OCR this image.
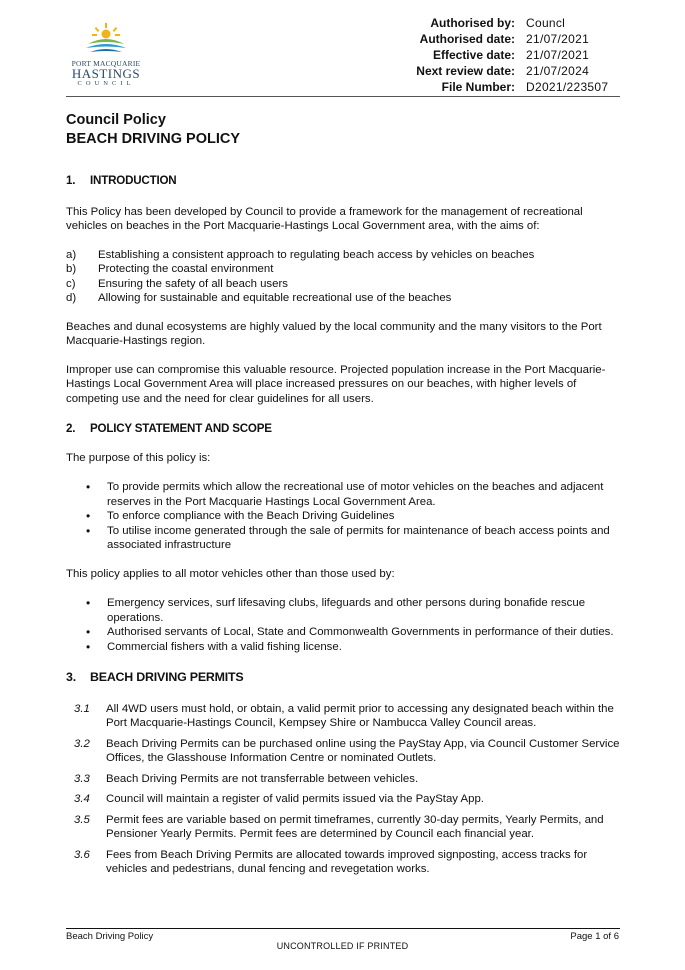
PORT MACQUARIE
HASTINGS
COUNCIL
Authorised by: Councl
Authorised date: 21/07/2021
Effective date: 21/07/2021
Next review date: 21/07/2024
File Number: D2021/223507
Council Policy
BEACH DRIVING POLICY
1. INTRODUCTION

This Policy has been developed by Council to provide a framework for the management of recreational vehicles on beaches in the Port Macquarie-Hastings Local Government area, with the aims of:

a)	Establishing a consistent approach to regulating beach access by vehicles on beaches
b)	Protecting the coastal environment
c)	Ensuring the safety of all beach users
d)	Allowing for sustainable and equitable recreational use of the beaches

Beaches and dunal ecosystems are highly valued by the local community and the many visitors to the Port Macquarie-Hastings region.

Improper use can compromise this valuable resource. Projected population increase in the Port Macquarie-Hastings Local Government Area will place increased pressures on our beaches, with higher levels of competing use and the need for clear guidelines for all users.

2. POLICY STATEMENT AND SCOPE

The purpose of this policy is:

•	To provide permits which allow the recreational use of motor vehicles on the beaches and adjacent reserves in the Port Macquarie Hastings Local Government Area.
•	To enforce compliance with the Beach Driving Guidelines
•	To utilise income generated through the sale of permits for maintenance of beach access points and associated infrastructure

This policy applies to all motor vehicles other than those used by:

•	Emergency services, surf lifesaving clubs, lifeguards and other persons during bonafide rescue operations.
•	Authorised servants of Local, State and Commonwealth Governments in performance of their duties.
•	Commercial fishers with a valid fishing license.
3. BEACH DRIVING PERMITS
3.1	All 4WD users must hold, or obtain, a valid permit prior to accessing any designated beach within the Port Macquarie-Hastings Council, Kempsey Shire or Nambucca Valley Council areas.
3.2	Beach Driving Permits can be purchased online using the PayStay App, via Council Customer Service Offices, the Glasshouse Information Centre or nominated Outlets.
3.3	Beach Driving Permits are not transferrable between vehicles.
3.4	Council will maintain a register of valid permits issued via the PayStay App.
3.5	Permit fees are variable based on permit timeframes, currently 30-day permits, Yearly Permits, and Pensioner Yearly Permits. Permit fees are determined by Council each financial year.
3.6	Fees from Beach Driving Permits are allocated towards improved signposting, access tracks for vehicles and pedestrians, dunal fencing and revegetation works.
Beach Driving Policy	Page 1 of 6
UNCONTROLLED IF PRINTED
